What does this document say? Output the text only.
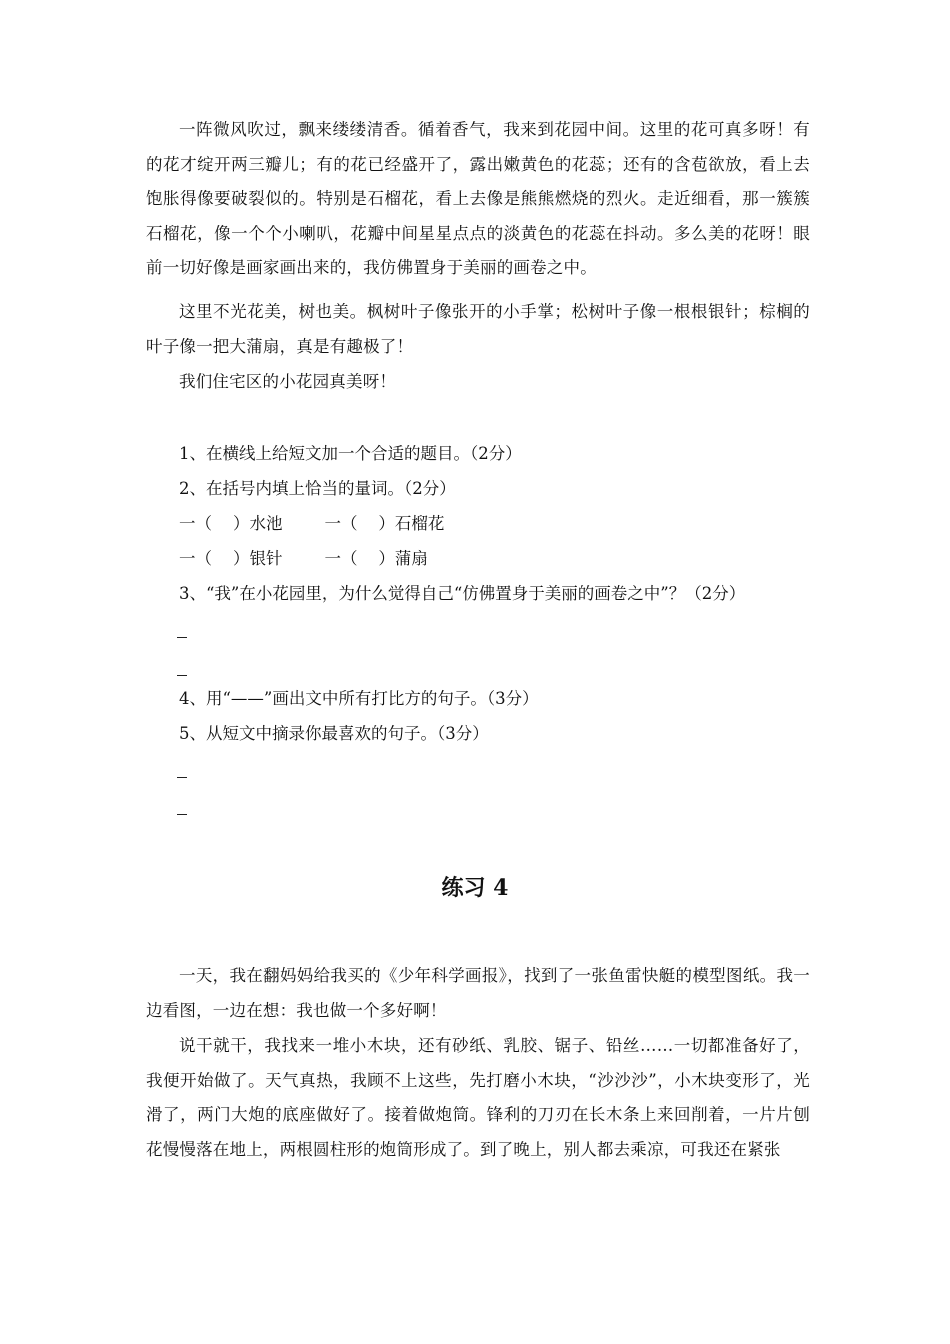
一阵微风吹过，飘来缕缕清香。循着香气，我来到花园中间。这里的花可真多呀！有的花才绽开两三瓣儿；有的花已经盛开了，露出嫩黄色的花蕊；还有的含苞欲放，看上去饱胀得像要破裂似的。特别是石榴花，看上去像是熊熊燃烧的烈火。走近细看，那一簇簇石榴花，像一个个小喇叭，花瓣中间星星点点的淡黄色的花蕊在抖动。多么美的花呀！眼前一切好像是画家画出来的，我仿佛置身于美丽的画卷之中。

这里不光花美，树也美。枫树叶子像张开的小手掌；松树叶子像一根根银针；棕榈的叶子像一把大蒲扇，真是有趣极了！

我们住宅区的小花园真美呀！

1、在横线上给短文加一个合适的题目。（2分）

2、在括号内填上恰当的量词。（2分）

一（    ）水池        一（    ）石榴花

一（    ）银针        一（    ）蒲扇

3、“我”在小花园里，为什么觉得自己“仿佛置身于美丽的画卷之中”？（2分）

4、用“——”画出文中所有打比方的句子。（3分）

5、从短文中摘录你最喜欢的句子。（3分）

练习 4

一天，我在翻妈妈给我买的《少年科学画报》，找到了一张鱼雷快艇的模型图纸。我一边看图，一边在想：我也做一个多好啊！

说干就干，我找来一堆小木块，还有砂纸、乳胶、锯子、铅丝……一切都准备好了，我便开始做了。天气真热，我顾不上这些，先打磨小木块，“沙沙沙”，小木块变形了，光滑了，两门大炮的底座做好了。接着做炮筒。锋利的刀刃在长木条上来回削着，一片片刨花慢慢落在地上，两根圆柱形的炮筒形成了。到了晚上，别人都去乘凉，可我还在紧张
